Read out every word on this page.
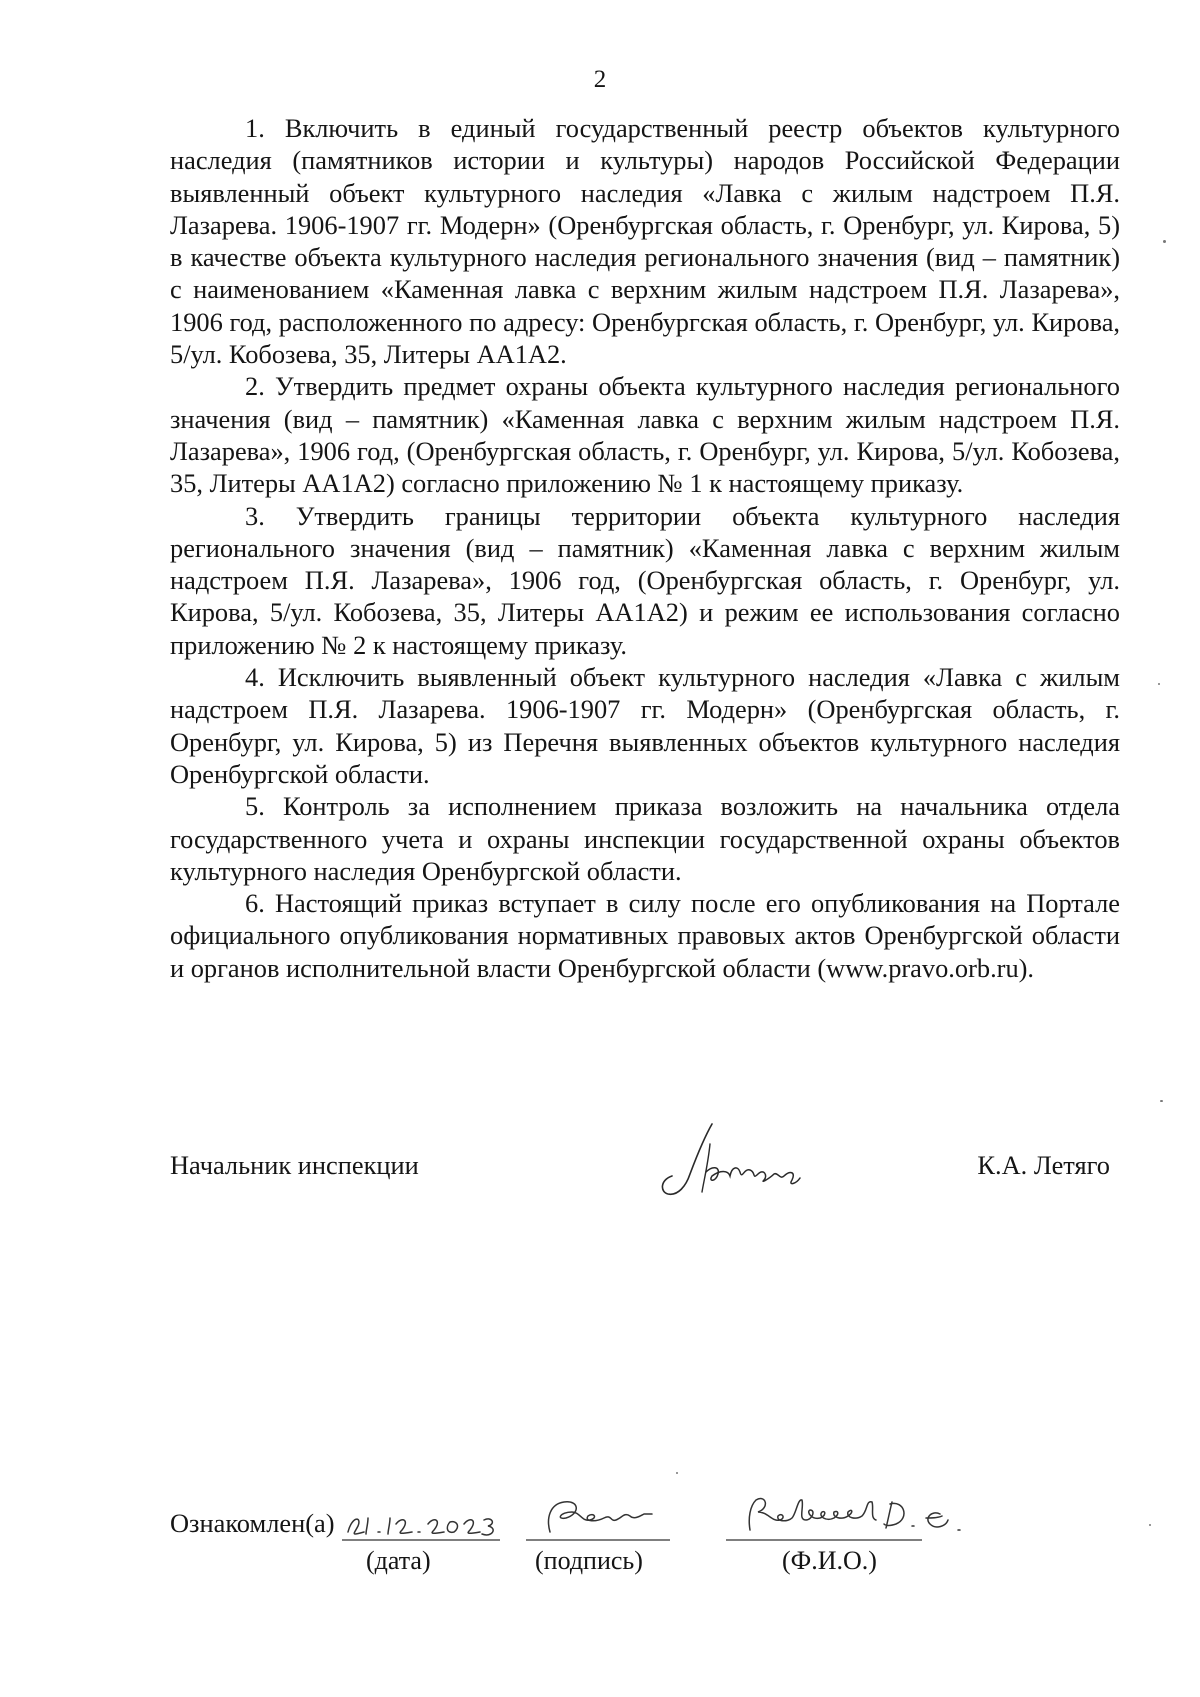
2

1. Включить в единый государственный реестр объектов культурного наследия (памятников истории и культуры) народов Российской Федерации выявленный объект культурного наследия «Лавка с жилым надстроем П.Я. Лазарева. 1906-1907 гг. Модерн» (Оренбургская область, г. Оренбург, ул. Кирова, 5) в качестве объекта культурного наследия регионального значения (вид – памятник) с наименованием «Каменная лавка с верхним жилым надстроем П.Я. Лазарева», 1906 год, расположенного по адресу: Оренбургская область, г. Оренбург, ул. Кирова, 5/ул. Кобозева, 35, Литеры АА1А2.

2. Утвердить предмет охраны объекта культурного наследия регионального значения (вид – памятник) «Каменная лавка с верхним жилым надстроем П.Я. Лазарева», 1906 год, (Оренбургская область, г. Оренбург, ул. Кирова, 5/ул. Кобозева, 35, Литеры АА1А2) согласно приложению № 1 к настоящему приказу.

3. Утвердить границы территории объекта культурного наследия регионального значения (вид – памятник) «Каменная лавка с верхним жилым надстроем П.Я. Лазарева», 1906 год, (Оренбургская область, г. Оренбург, ул. Кирова, 5/ул. Кобозева, 35, Литеры АА1А2) и режим ее использования согласно приложению № 2 к настоящему приказу.

4. Исключить выявленный объект культурного наследия «Лавка с жилым надстроем П.Я. Лазарева. 1906-1907 гг. Модерн» (Оренбургская область, г. Оренбург, ул. Кирова, 5) из Перечня выявленных объектов культурного наследия Оренбургской области.

5. Контроль за исполнением приказа возложить на начальника отдела государственного учета и охраны инспекции государственной охраны объектов культурного наследия Оренбургской области.

6. Настоящий приказ вступает в силу после его опубликования на Портале официального опубликования нормативных правовых актов Оренбургской области и органов исполнительной власти Оренбургской области (www.pravo.orb.ru).

Начальник инспекции	К.А. Летяго
Ознакомлен(а)
(дата)	(подпись)	(Ф.И.О.)
